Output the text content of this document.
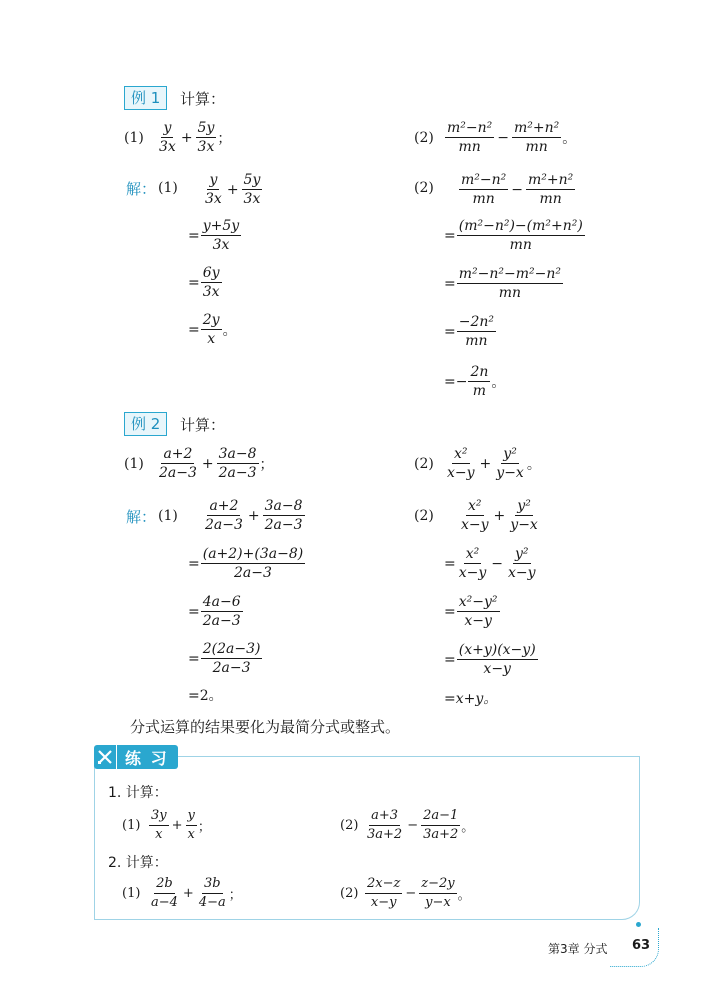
例 1	计算：
$(1) \frac{y}{3x} + \frac{5y}{3x}$ ；	$(2) \frac{\text{m²−n²}}{mn} - \frac{\text{m²+n²}}{mn}$ 。
解： $(1) \frac{y}{3x} + \frac{5y}{3x}$
= $\frac{y+5y}{3x}$
= $\frac{6y}{3x}$
= $\frac{2y}{x}$ 。
$(2) \frac{\text{m²−n²}}{mn} - \frac{\text{m²+n²}}{mn}$
= $\frac{\text{(m²−n²)−(m²+n²)}}{mn}$
= $\frac{\text{m²−n²−m²−n²}}{mn}$
= $\frac{\text{−2n²}}{mn}$
= − $\frac{2n}{m}$ 。
例 2	计算：
$(1) \frac{a+2}{2a-3} + \frac{3a-8}{2a-3}$ ；	$(2) \frac{\text{x²}}{x-y} + \frac{\text{y²}}{y-x}$ 。
解： $(1) \frac{a+2}{2a-3} + \frac{3a-8}{2a-3}$
= $\frac{(a+2)+(3a-8)}{2a-3}$
= $\frac{4a-6}{2a-3}$
= $\frac{2(2a-3)}{2a-3}$
=2。
$(2) \frac{\text{x²}}{x-y} + \frac{\text{y²}}{y-x}$
= $\frac{\text{x²}}{x-y} - \frac{\text{y²}}{x-y}$
= $\frac{\text{x²−y²}}{x-y}$
= $\frac{(x+y)(x-y)}{x-y}$
=x+y。
分式运算的结果要化为最简分式或整式。
练 习
1. 计算：
$(1) \frac{3y}{x} + \frac{y}{x}$ ；	$(2) \frac{a+3}{3a+2} - \frac{2a-1}{3a+2}$ 。
2. 计算：
$(1) \frac{2b}{a-4} + \frac{3b}{4-a}$ ；	$(2) \frac{2x-z}{x-y} - \frac{z-2y}{y-x}$ 。
第3章 分式 63
